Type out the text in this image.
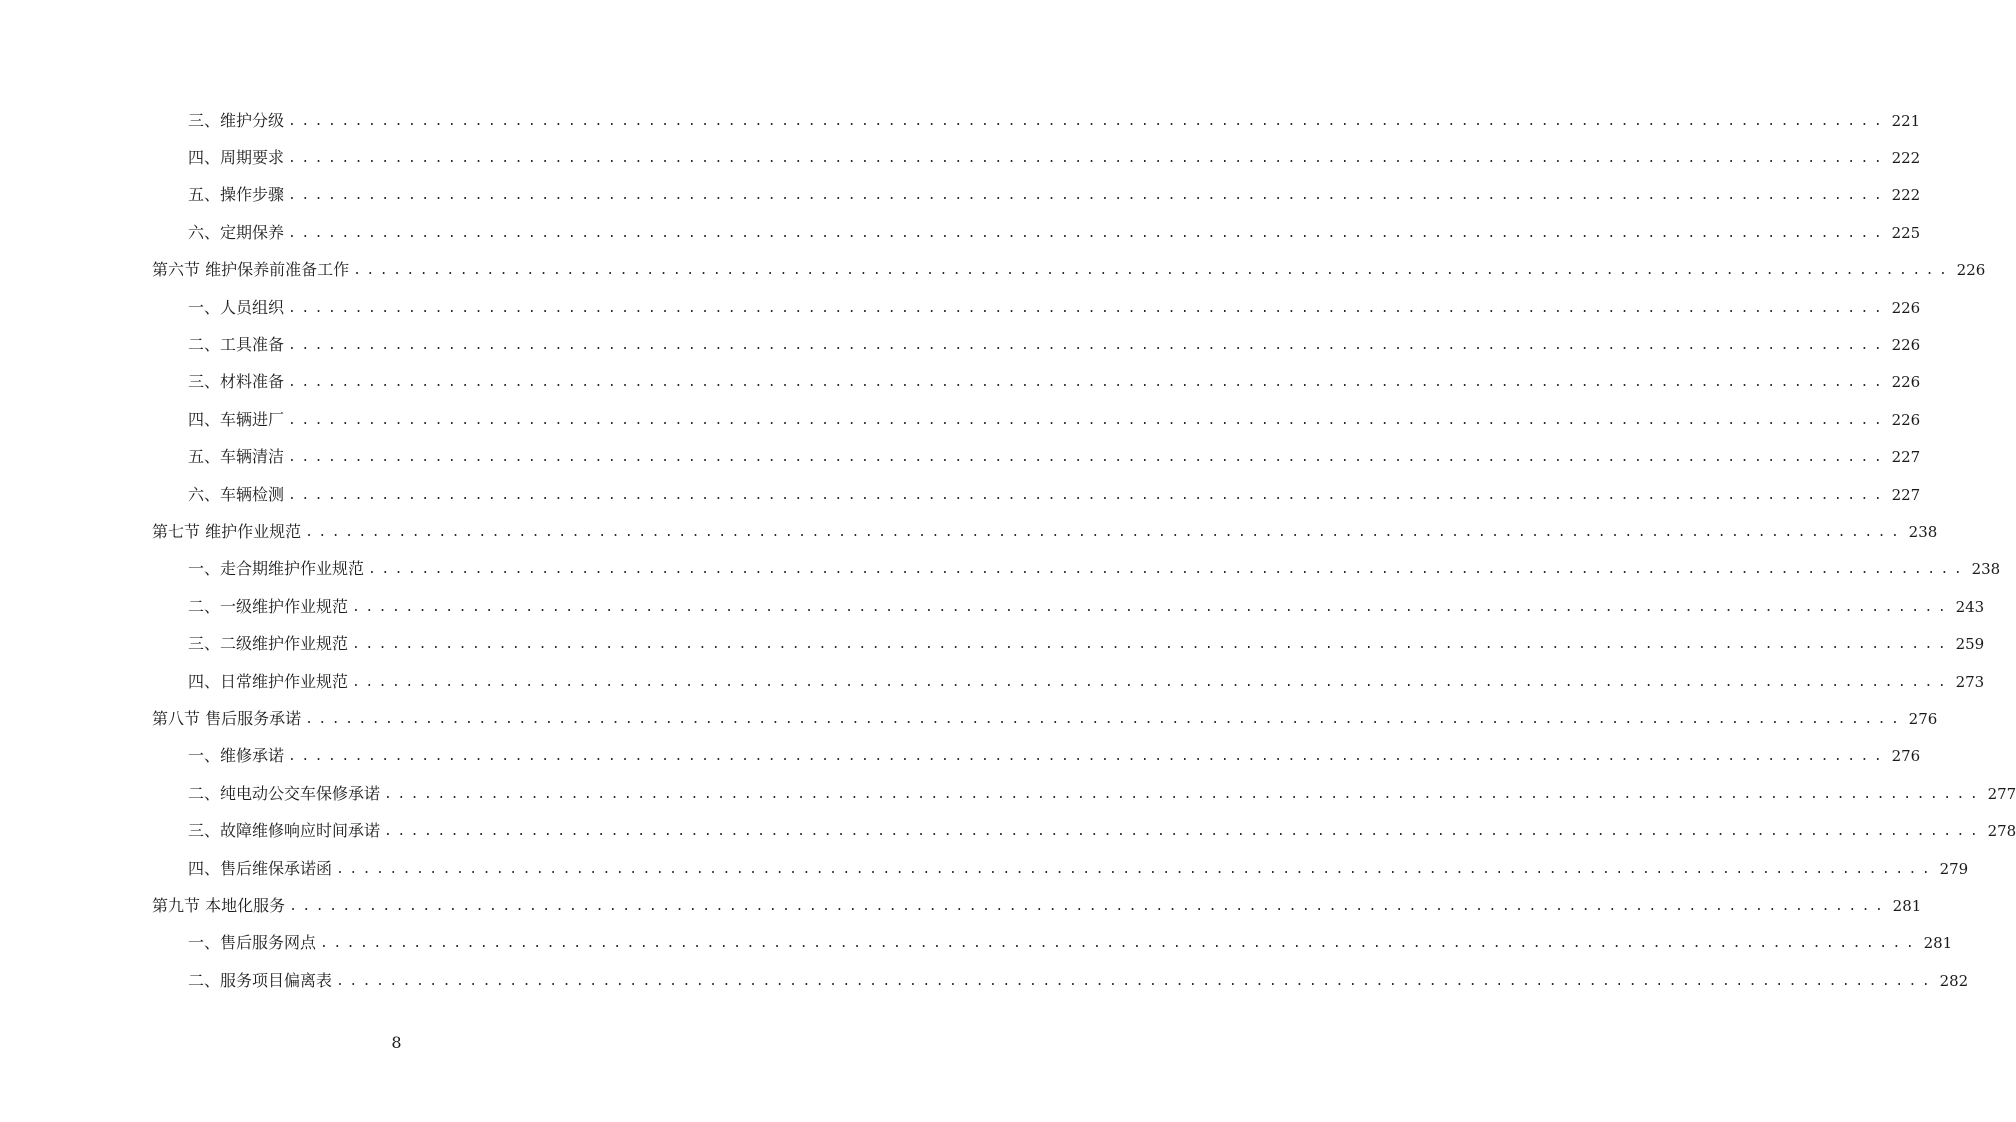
三、维护分级 ........................................................................................................................ 221
四、周期要求 ........................................................................................................................ 222
五、操作步骤 ........................................................................................................................ 222
六、定期保养 ........................................................................................................................ 225
第六节 维护保养前准备工作 ........................................................................................................................ 226
一、人员组织 ........................................................................................................................ 226
二、工具准备 ........................................................................................................................ 226
三、材料准备 ........................................................................................................................ 226
四、车辆进厂 ........................................................................................................................ 226
五、车辆清洁 ........................................................................................................................ 227
六、车辆检测 ........................................................................................................................ 227
第七节 维护作业规范 ........................................................................................................................ 238
一、走合期维护作业规范 ........................................................................................................................ 238
二、一级维护作业规范 ........................................................................................................................ 243
三、二级维护作业规范 ........................................................................................................................ 259
四、日常维护作业规范 ........................................................................................................................ 273
第八节 售后服务承诺 ........................................................................................................................ 276
一、维修承诺 ........................................................................................................................ 276
二、纯电动公交车保修承诺 ........................................................................................................................ 277
三、故障维修响应时间承诺 ........................................................................................................................ 278
四、售后维保承诺函 ........................................................................................................................ 279
第九节 本地化服务 ........................................................................................................................ 281
一、售后服务网点 ........................................................................................................................ 281
二、服务项目偏离表 ........................................................................................................................ 282
8
